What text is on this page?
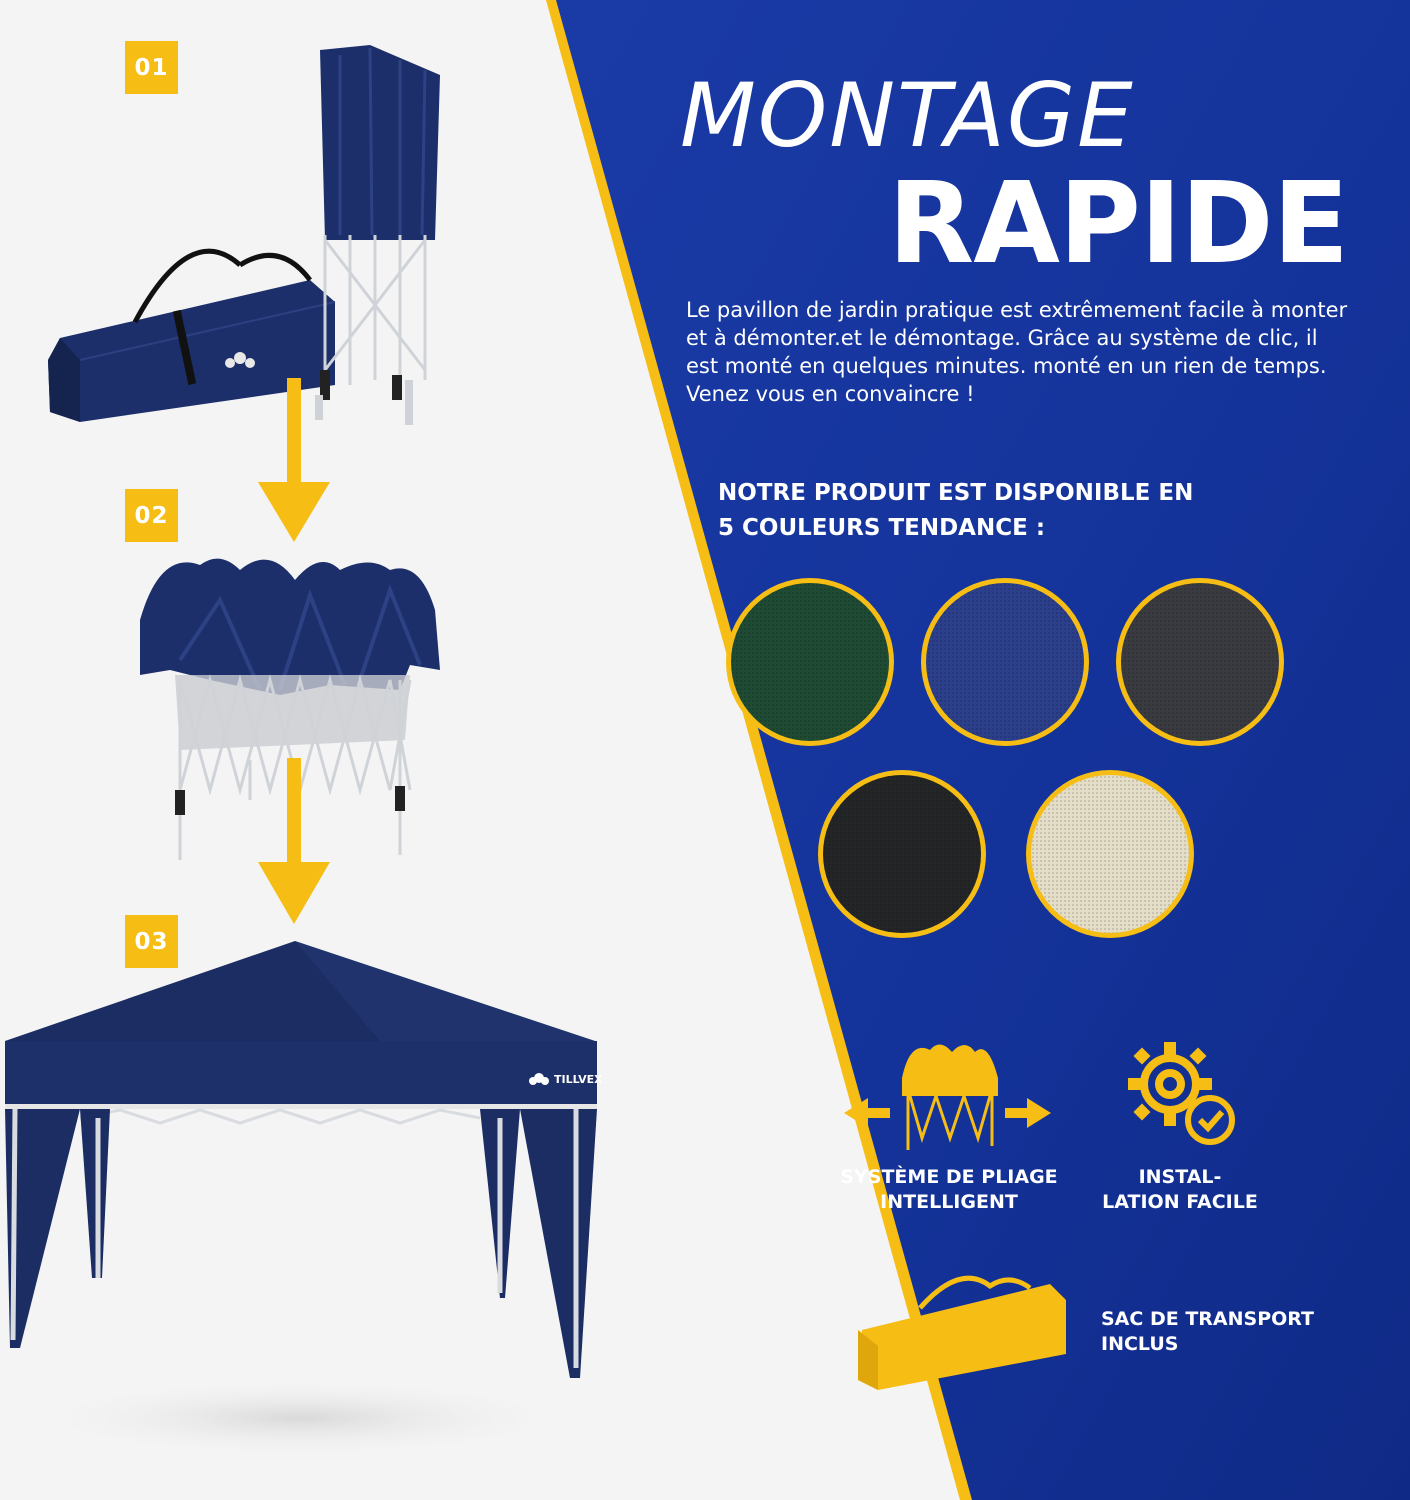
01
02
03
TILLVEX
MONTAGE
RAPIDE
Le pavillon de jardin pratique est extrêmement facile à monter et à démonter.et le démontage. Grâce au système de clic, il est monté en quelques minutes. monté en un rien de temps. Venez vous en convaincre !
NOTRE PRODUIT EST DISPONIBLE EN
5 COULEURS TENDANCE :
SYSTÈME DE PLIAGE
INTELLIGENT
INSTAL-
LATION FACILE
SAC DE TRANSPORT
INCLUS
